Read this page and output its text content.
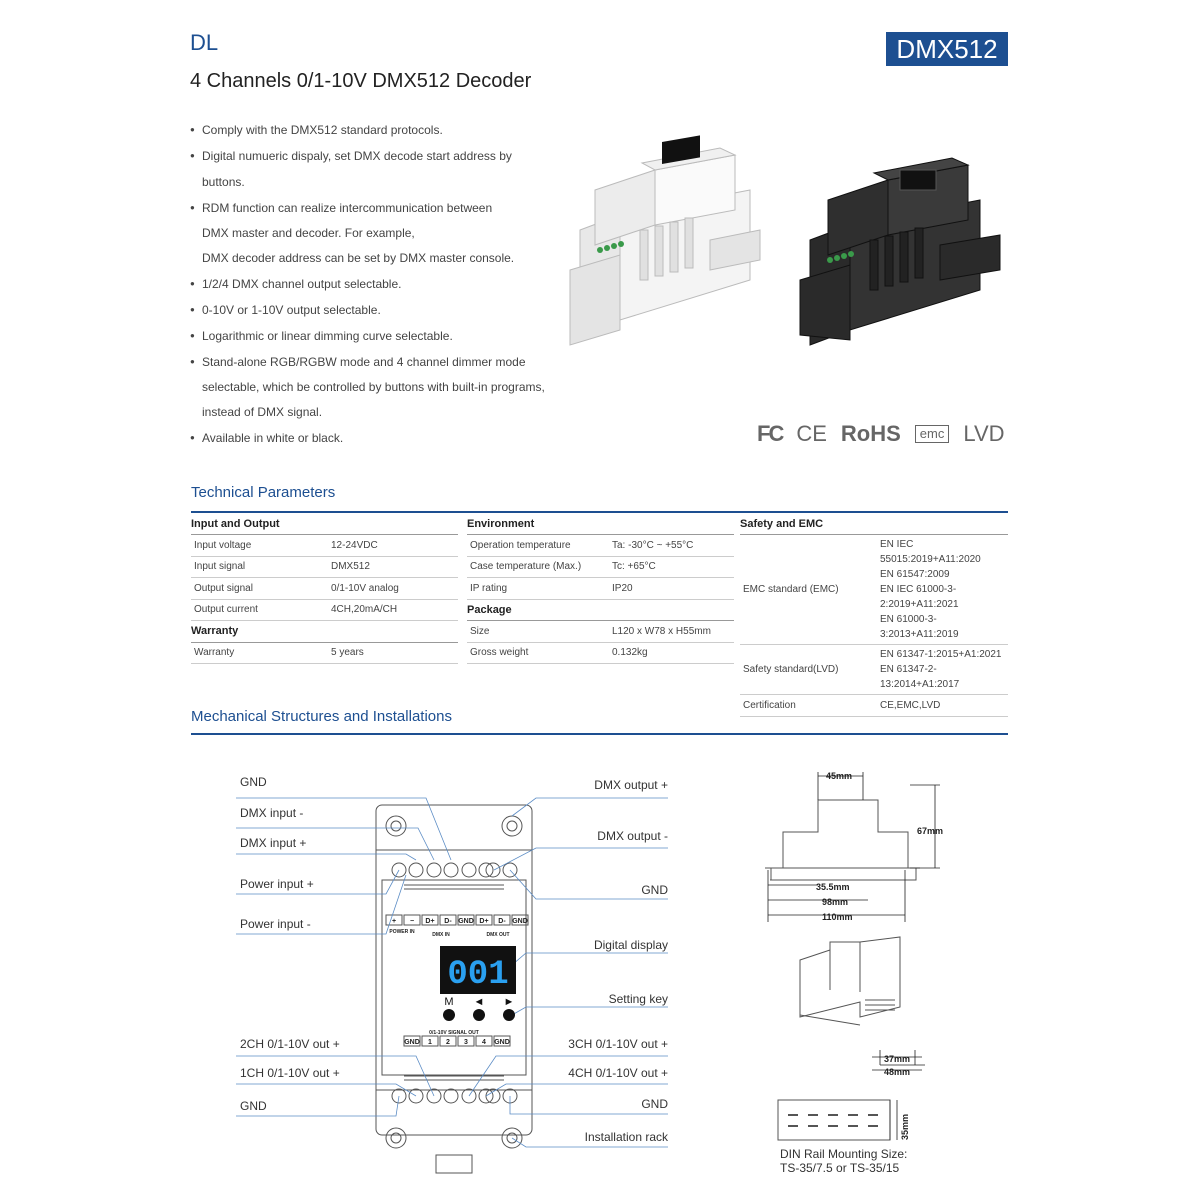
DL	DMX512
4 Channels 0/1-10V DMX512 Decoder
● Comply with the DMX512 standard protocols.
● Digital numueric dispaly, set DMX decode start address by buttons.
● RDM function can realize intercommunication between
DMX master and decoder. For example,
DMX decoder address can be set by DMX master console.
● 1/2/4 DMX channel output selectable.
● 0-10V or 1-10V output selectable.
● Logarithmic or linear dimming curve selectable.
● Stand-alone RGB/RGBW mode and 4 channel dimmer mode
selectable, which be controlled by buttons with built-in programs,
instead of DMX signal.
● Available in white or black.	FC CE RoHS	emc LVD
Technical Parameters
Input and Output	
Input voltage	12-24VDC
Input signal	DMX512
Output signal	0/1-10V analog
Output current	4CH,20mA/CH
Warranty	
Warranty	5 years
Environment	
Operation temperature	Ta: -30°C ~ +55°C
Case temperature (Max.)	Tc: +65°C
IP rating	IP20
Package	
Size	L120 x W78 x H55mm
Gross weight	0.132kg
Safety and EMC	
EMC standard (EMC)	EN IEC 55015:2019+A11:2020
EN 61547:2009
EN IEC 61000-3-2:2019+A11:2021
EN 61000-3-3:2013+A11:2019

Safety standard(LVD)	EN 61347-1:2015+A1:2021
EN 61347-2-13:2014+A1:2017

Certification	CE,EMC,LVD
Mechanical Structures and Installations
GND
DMX input -
DMX input +
Power input +
Power input -
2CH 0/1-10V out +
1CH 0/1-10V out +
GND
DMX output +
DMX output -
GND
Digital display
Setting key
3CH 0/1-10V out +
4CH 0/1-10V out +
GND
Installation rack
+ − D+ D- GND D+ D- GND
POWER IN	DMX IN	DMX OUT
0/1-10V SIGNAL OUT
GND 1 2 3 4 GND
001
M ◄ ►
45mm
67mm
35.5mm
98mm
110mm
37mm
48mm
35mm
DIN Rail Mounting Size:
TS-35/7.5 or TS-35/15
